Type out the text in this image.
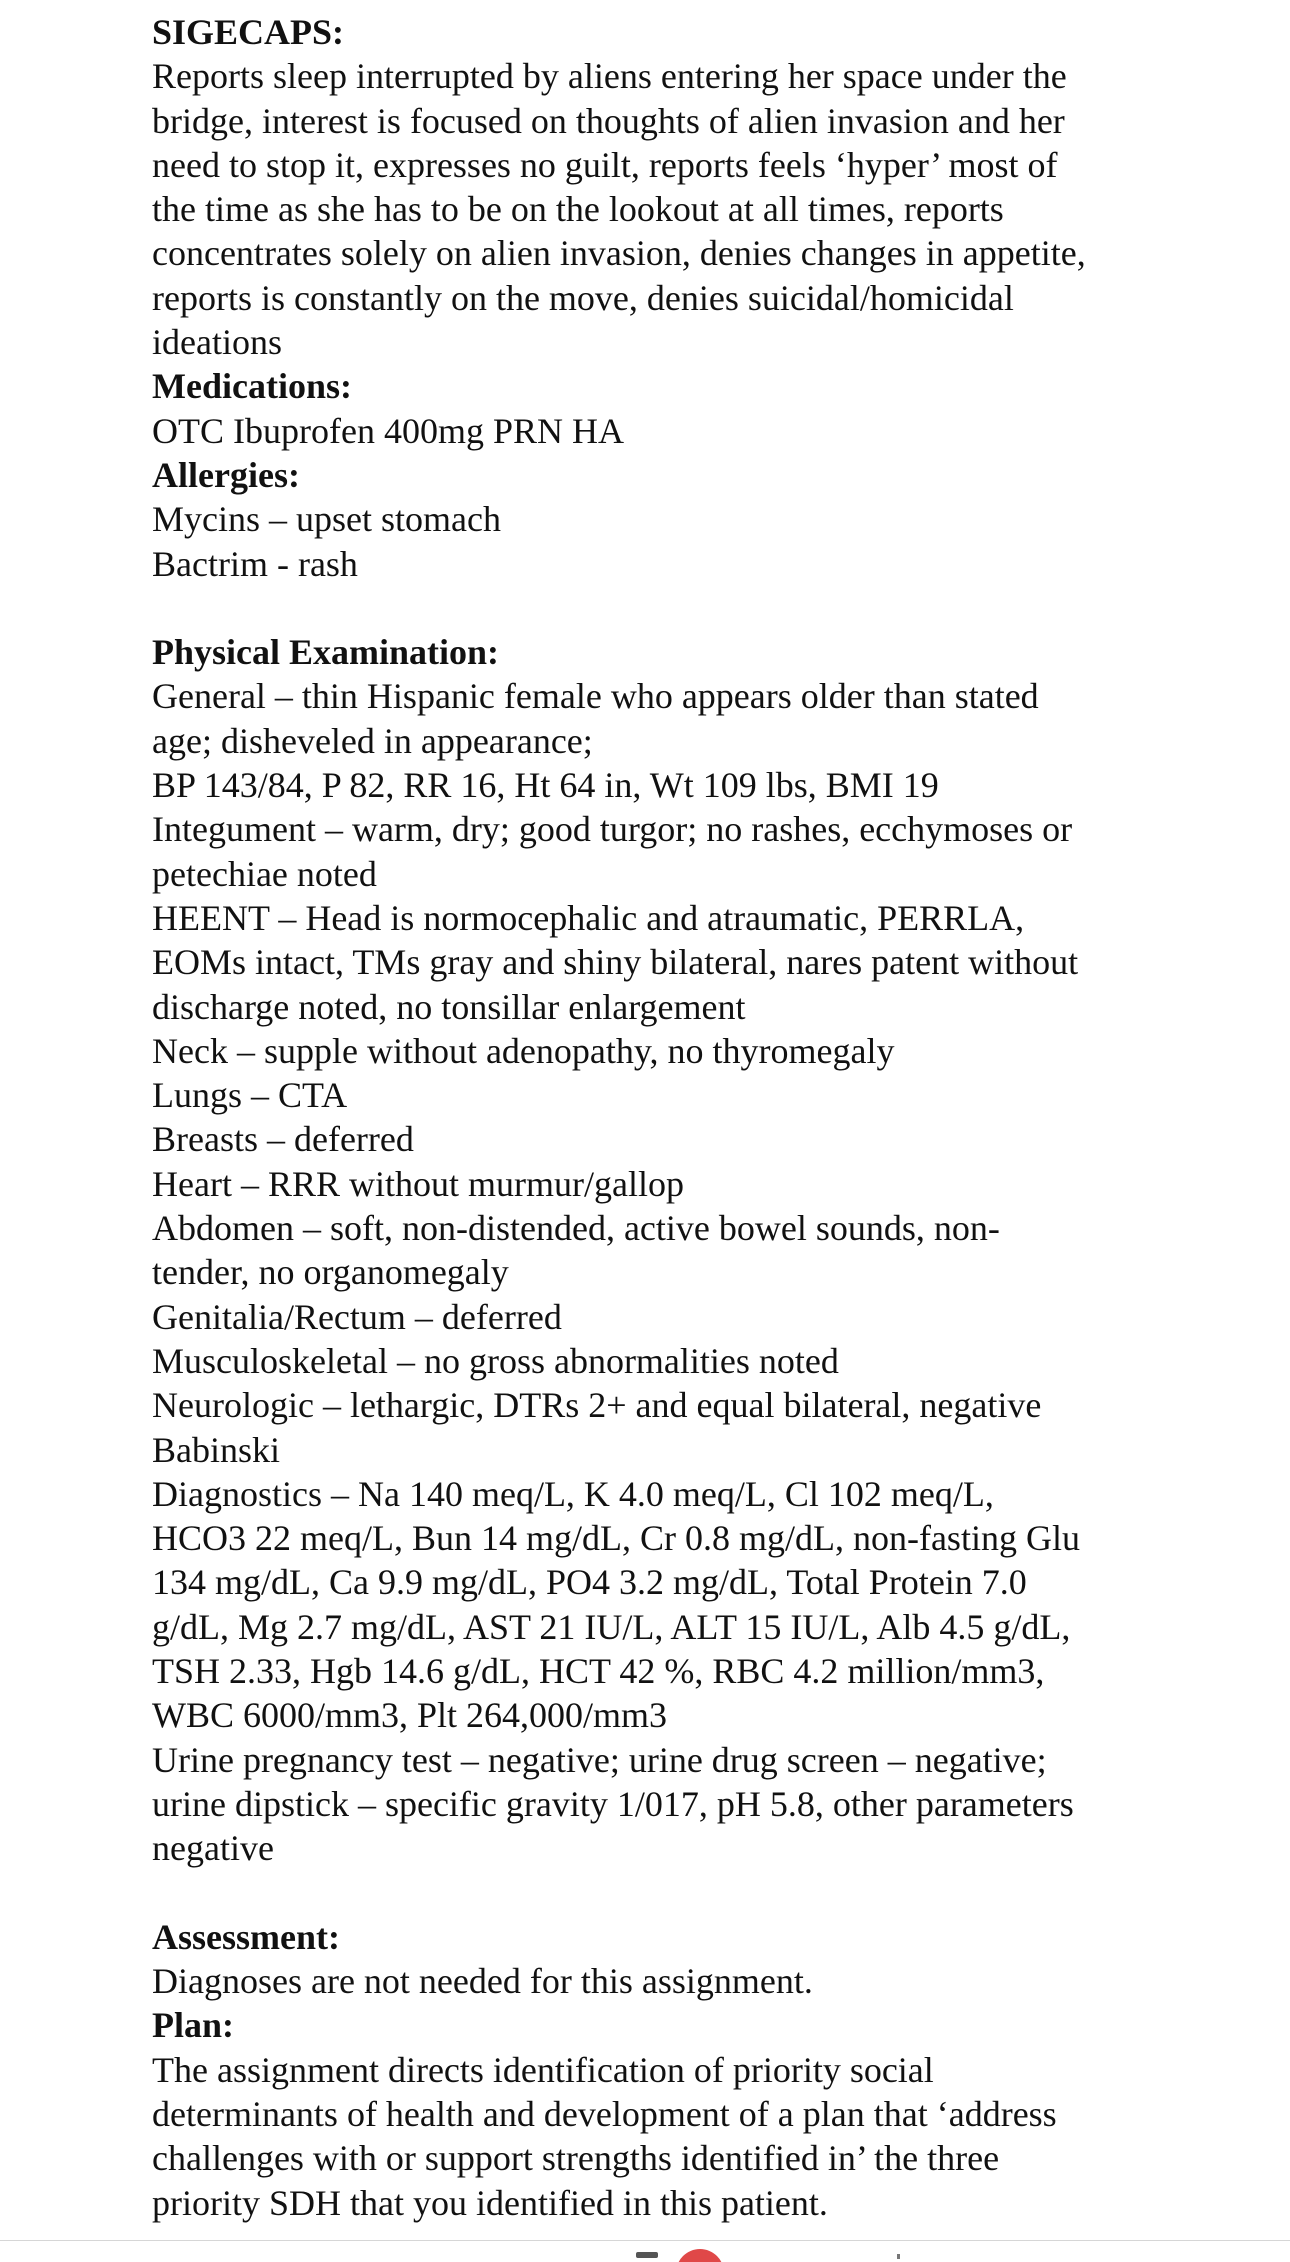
SIGECAPS:
Reports sleep interrupted by aliens entering her space under the
bridge, interest is focused on thoughts of alien invasion and her
need to stop it, expresses no guilt, reports feels ‘hyper’ most of
the time as she has to be on the lookout at all times, reports
concentrates solely on alien invasion, denies changes in appetite,
reports is constantly on the move, denies suicidal/homicidal
ideations
Medications:
OTC Ibuprofen 400mg PRN HA
Allergies:
Mycins – upset stomach
Bactrim - rash
Physical Examination:
General – thin Hispanic female who appears older than stated
age; disheveled in appearance;
BP 143/84, P 82, RR 16, Ht 64 in, Wt 109 lbs, BMI 19
Integument – warm, dry; good turgor; no rashes, ecchymoses or
petechiae noted
HEENT – Head is normocephalic and atraumatic, PERRLA,
EOMs intact, TMs gray and shiny bilateral, nares patent without
discharge noted, no tonsillar enlargement
Neck – supple without adenopathy, no thyromegaly
Lungs – CTA
Breasts – deferred
Heart – RRR without murmur/gallop
Abdomen – soft, non-distended, active bowel sounds, non-
tender, no organomegaly
Genitalia/Rectum – deferred
Musculoskeletal – no gross abnormalities noted
Neurologic – lethargic, DTRs 2+ and equal bilateral, negative
Babinski
Diagnostics – Na 140 meq/L, K 4.0 meq/L, Cl 102 meq/L,
HCO3 22 meq/L, Bun 14 mg/dL, Cr 0.8 mg/dL, non-fasting Glu
134 mg/dL, Ca 9.9 mg/dL, PO4 3.2 mg/dL, Total Protein 7.0
g/dL, Mg 2.7 mg/dL, AST 21 IU/L, ALT 15 IU/L, Alb 4.5 g/dL,
TSH 2.33, Hgb 14.6 g/dL, HCT 42 %, RBC 4.2 million/mm3,
WBC 6000/mm3, Plt 264,000/mm3
Urine pregnancy test – negative; urine drug screen – negative;
urine dipstick – specific gravity 1/017, pH 5.8, other parameters
negative
Assessment:
Diagnoses are not needed for this assignment.
Plan:
The assignment directs identification of priority social
determinants of health and development of a plan that ‘address
challenges with or support strengths identified in’ the three
priority SDH that you identified in this patient.
